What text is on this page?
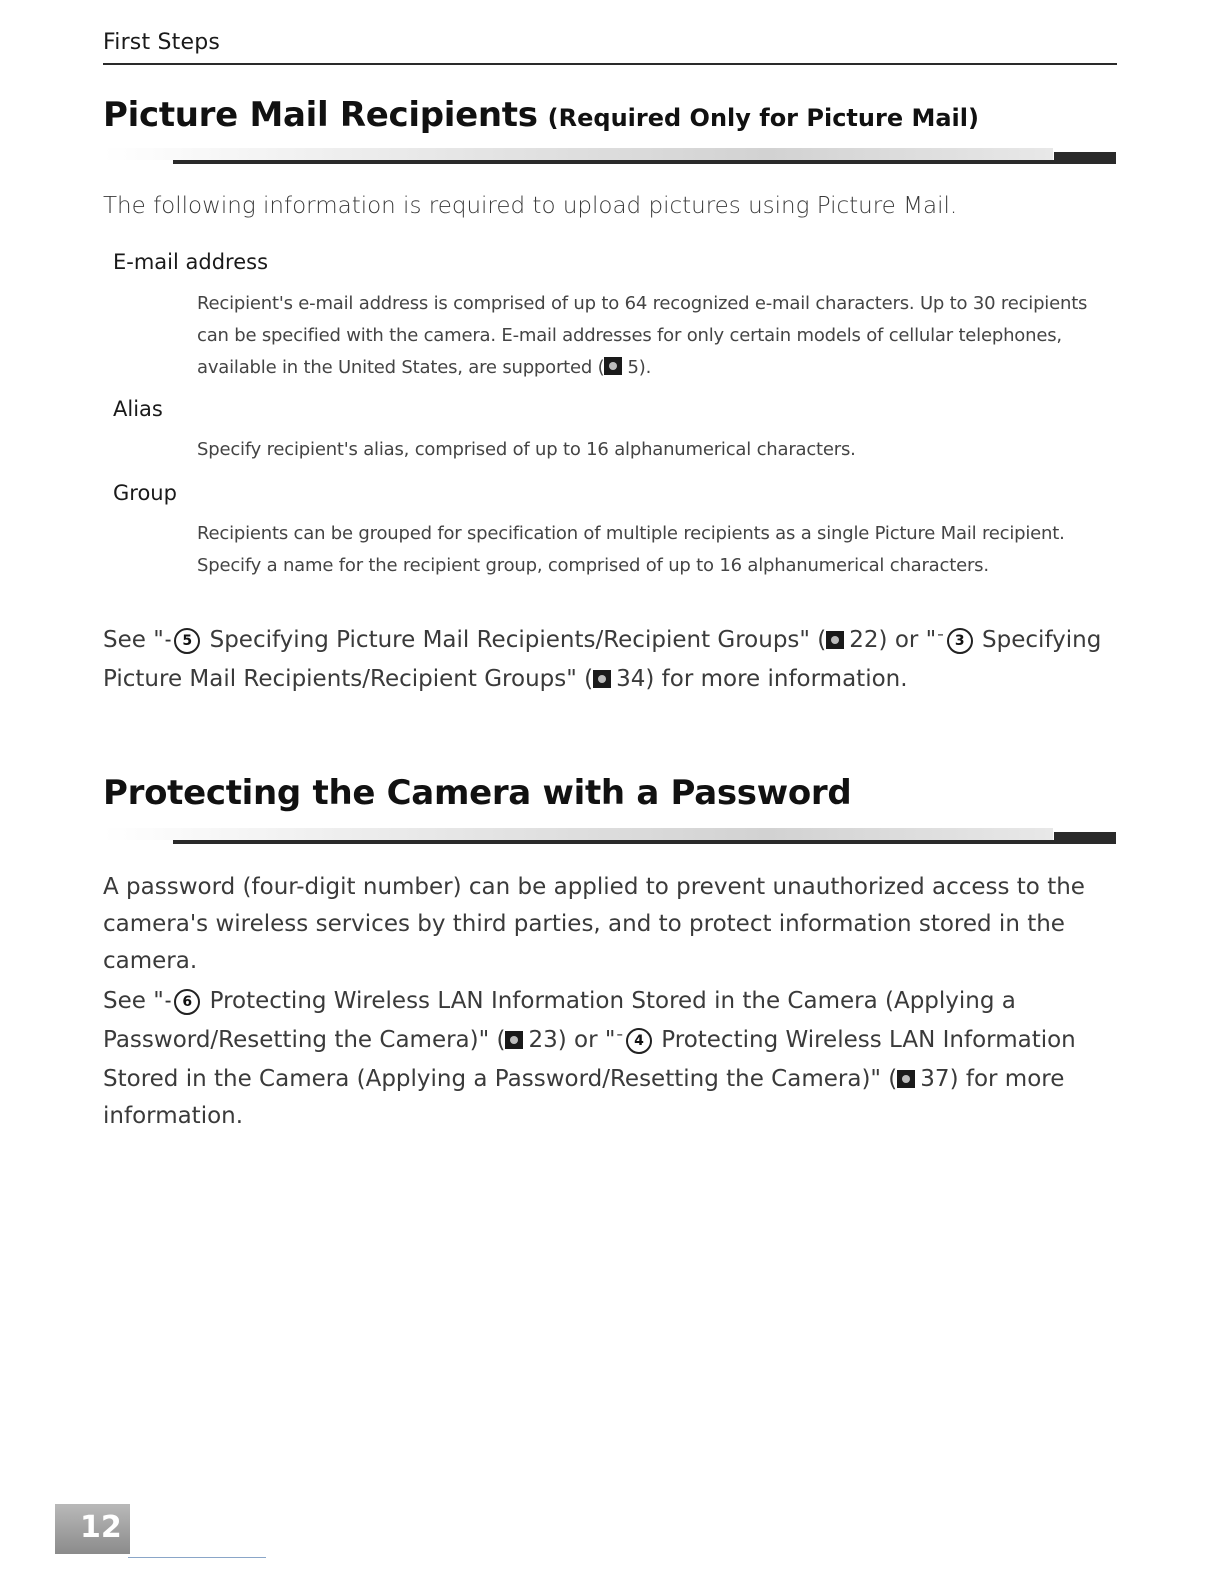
First Steps
Picture Mail Recipients (Required Only for Picture Mail)
The following information is required to upload pictures using Picture Mail.
E-mail address
Recipient's e-mail address is comprised of up to 64 recognized e-mail characters. Up to 30 recipients can be specified with the camera. E-mail addresses for only certain models of cellular telephones, available in the United States, are supported ( 5).
Alias
Specify recipient's alias, comprised of up to 16 alphanumerical characters.
Group
Recipients can be grouped for specification of multiple recipients as a single Picture Mail recipient. Specify a name for the recipient group, comprised of up to 16 alphanumerical characters.
See "⁃ 5 Specifying Picture Mail Recipients/Recipient Groups" ( 22) or "¯ 3 Specifying Picture Mail Recipients/Recipient Groups" ( 34) for more information.
Protecting the Camera with a Password
A password (four-digit number) can be applied to prevent unauthorized access to the camera's wireless services by third parties, and to protect information stored in the camera.
See "⁃ 6 Protecting Wireless LAN Information Stored in the Camera (Applying a Password/Resetting the Camera)" ( 23) or "¯ 4 Protecting Wireless LAN Information Stored in the Camera (Applying a Password/Resetting the Camera)" ( 37) for more information.
12
